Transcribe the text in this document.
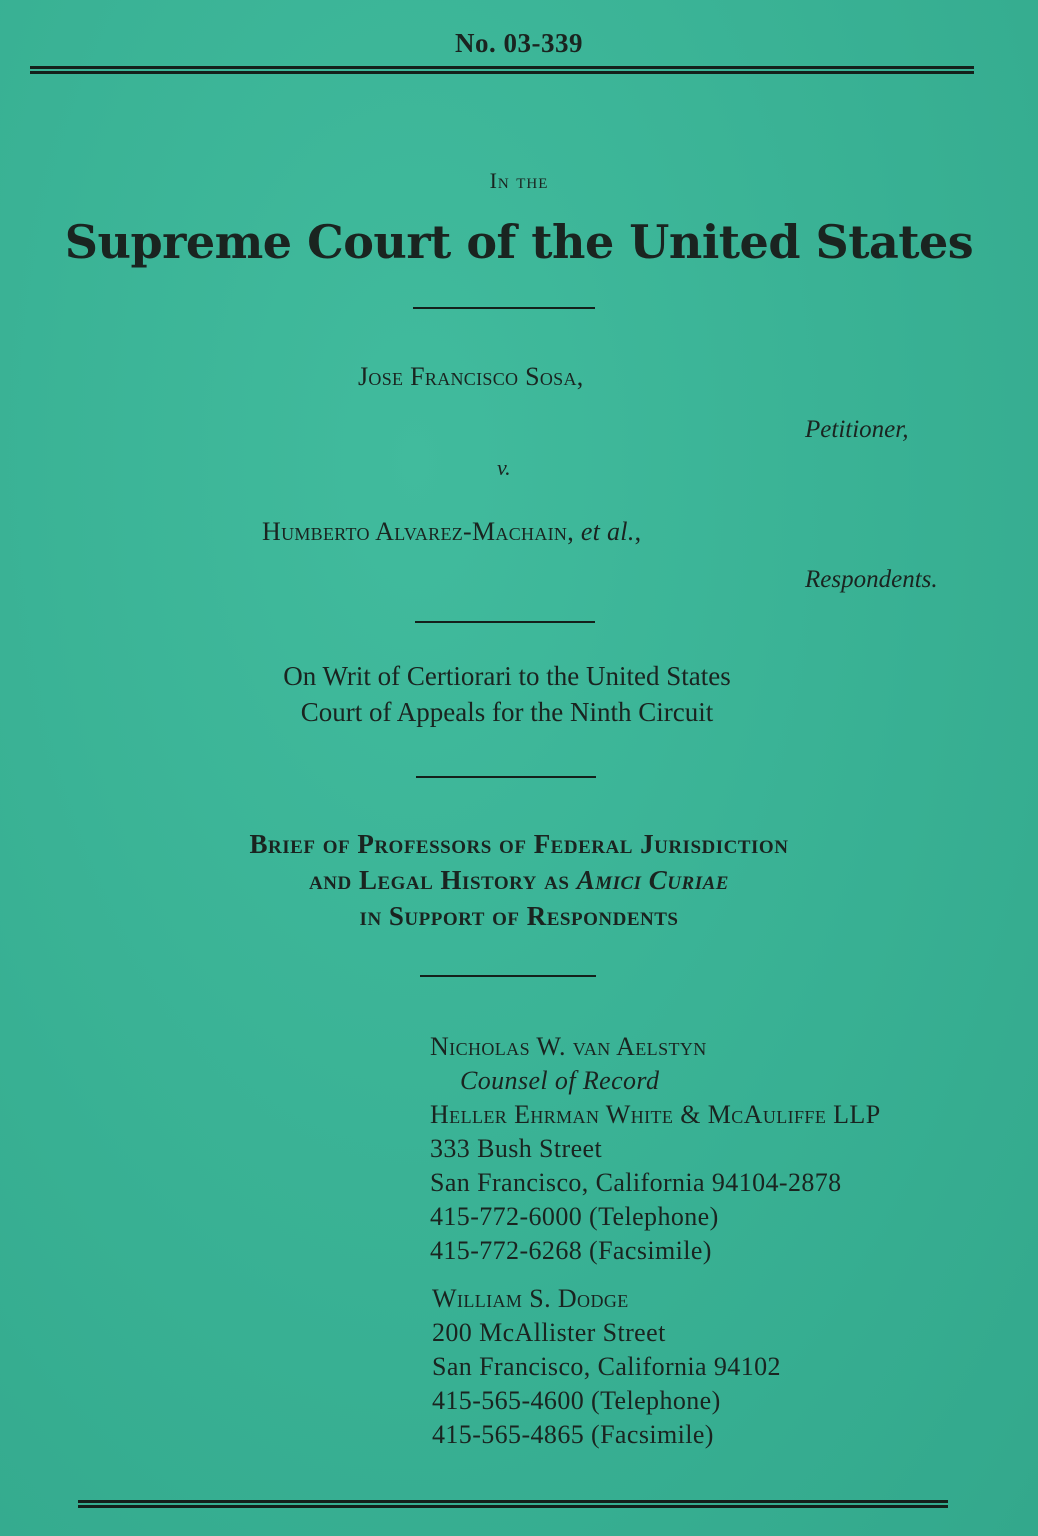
No. 03-339
In the
Supreme Court of the United States
Jose Francisco Sosa,
Petitioner,
v.
Humberto Alvarez-Machain, et al.,
Respondents.
On Writ of Certiorari to the United States
Court of Appeals for the Ninth Circuit
Brief of Professors of Federal Jurisdiction
and Legal History as Amici Curiae
in Support of Respondents
Nicholas W. van Aelstyn
Counsel of Record
Heller Ehrman White & McAuliffe LLP
333 Bush Street
San Francisco, California 94104-2878
415-772-6000 (Telephone)
415-772-6268 (Facsimile)
William S. Dodge
200 McAllister Street
San Francisco, California 94102
415-565-4600 (Telephone)
415-565-4865 (Facsimile)
